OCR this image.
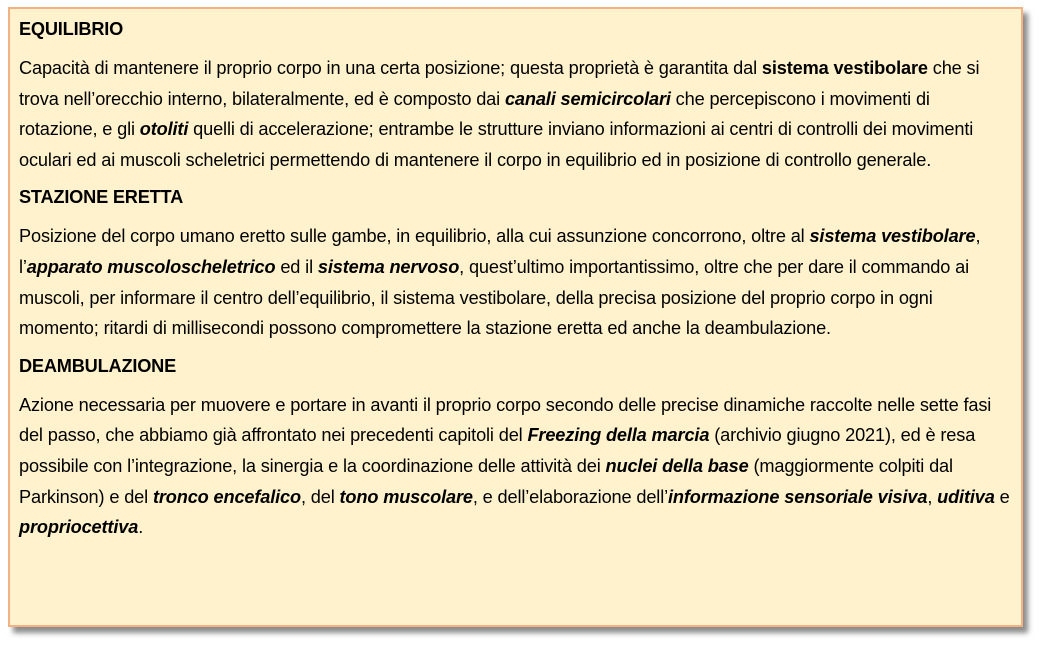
EQUILIBRIO

Capacità di mantenere il proprio corpo in una certa posizione; questa proprietà è garantita dal sistema vestibolare che si trova nell’orecchio interno, bilateralmente, ed è composto dai canali semicircolari che percepiscono i movimenti di rotazione, e gli otoliti quelli di accelerazione; entrambe le strutture inviano informazioni ai centri di controlli dei movimenti oculari ed ai muscoli scheletrici permettendo di mantenere il corpo in equilibrio ed in posizione di controllo generale.

STAZIONE ERETTA

Posizione del corpo umano eretto sulle gambe, in equilibrio, alla cui assunzione concorrono, oltre al sistema vestibolare, l’apparato muscoloscheletrico ed il sistema nervoso, quest’ultimo importantissimo, oltre che per dare il commando ai muscoli, per informare il centro dell’equilibrio, il sistema vestibolare, della precisa posizione del proprio corpo in ogni momento; ritardi di millisecondi possono compromettere la stazione eretta ed anche la deambulazione.

DEAMBULAZIONE

Azione necessaria per muovere e portare in avanti il proprio corpo secondo delle precise dinamiche raccolte nelle sette fasi del passo, che abbiamo già affrontato nei precedenti capitoli del Freezing della marcia (archivio giugno 2021), ed è resa possibile con l’integrazione, la sinergia e la coordinazione delle attività dei nuclei della base (maggiormente colpiti dal Parkinson) e del tronco encefalico, del tono muscolare, e dell’elaborazione dell’informazione sensoriale visiva, uditiva e propriocettiva.
